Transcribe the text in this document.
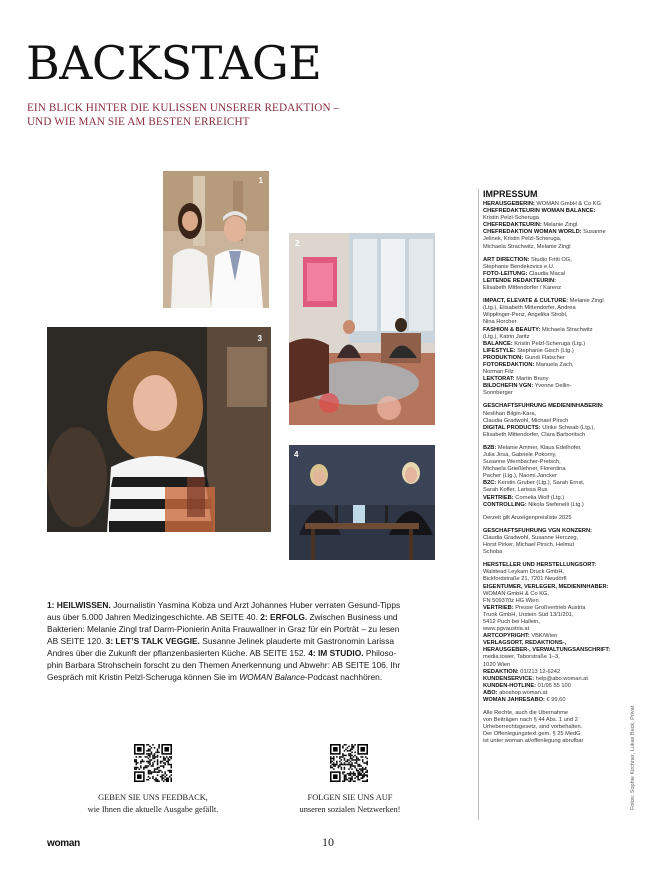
BACKSTAGE
EIN BLICK HINTER DIE KULISSEN UNSERER REDAKTION –
UND WIE MAN SIE AM BESTEN ERREICHT
1
2
3
4
1: HEILWISSEN. Journalistin Yasmina Kobza und Arzt Johannes Huber verraten Gesund-Tipps
aus über 5.000 Jahren Medizingeschichte. AB SEITE 40. 2: ERFOLG. Zwischen Business und
Bakterien: Melanie Zingl traf Darm-Pionierin Anita Frauwallner in Graz für ein Porträt – zu lesen
AB SEITE 120. 3: LET’S TALK VEGGIE. Susanne Jelinek plauderte mit Gastronomin Larissa
Andres über die Zukunft der pflanzenbasierten Küche. AB SEITE 152. 4: IM STUDIO. Philoso-
phin Barbara Strohschein forscht zu den Themen Anerkennung und Abwehr: AB SEITE 106. Ihr
Gespräch mit Kristin Pelzl-Scheruga können Sie im WOMAN Balance-Podcast nachhören.
GEBEN SIE UNS FEEDBACK,
wie Ihnen die aktuelle Ausgabe gefällt.
FOLGEN SIE UNS AUF
unseren sozialen Netzwerken!
IMPRESSUM
HERAUSGEBERIN: WOMAN GmbH & Co KG
CHEFREDAKTEURIN WOMAN BALANCE:
Kristin Pelzl-Scheruga
CHEFREDAKTEURIN: Melanie Zingl
CHEFREDAKTION WOMAN WORLD: Susanne
Jelinek, Kristin Pelzl-Scheruga,
Michaela Strachwitz, Melanie Zingl
ART DIRECTION: Studio Fritti OG,
Stephanie Bendekovics e.U.
FOTO-LEITUNG: Claudia Macal
LEITENDE REDAKTEURIN:
Elisabeth Mittendorfer / Karenz
IMPACT, ELEVATE & CULTURE: Melanie Zingl
(Ltg.), Elisabeth Mittendorfer, Andrea
Wipplinger-Penz, Angelika Strobl,
Nina Horcher
FASHION & BEAUTY: Michaela Strachwitz
(Ltg.), Katrin Jaritz
BALANCE: Kristin Pelzl-Scheruga (Ltg.)
LIFESTYLE: Stephanie Gisch (Ltg.)
PRODUKTION: Gundi Flatscher
FOTOREDAKTION: Manuela Zach,
Norman Filz
LEKTORAT: Martin Bruny
BILDCHEFIN VGN: Yvonne Dellin-
Sonnberger
GESCHÄFTSFÜHRUNG MEDIENINHABERIN:
Neslihan Bilgin-Kara,
Claudia Gradwohl, Michael Pirsch
DIGITAL PRODUCTS: Ulrike Schwab (Ltg.),
Elisabeth Mittendorfer, Clara Barboritsch
B2B: Melanie Ammer, Klaus Edelhofer,
Julia Jirsa, Gabriele Pokorny,
Susanne Wernbacher-Pretsch,
Michaela Grießlehner, Florentina
Pacher (Ltg.), Naomi Jancker
B2C: Kerstin Gruber (Ltg.), Sarah Ernst,
Sarah Kofler, Larissa Rus
VERTRIEB: Cornelia Wolf (Ltg.)
CONTROLLING: Nikola Stefenelli (Ltg.)
Derzeit gilt Anzeigenpreisliste 2025
GESCHÄFTSFÜHRUNG VGN KONZERN:
Claudia Gradwohl, Susanne Herczeg,
Horst Pirker, Michael Pirsch, Helmut
Schoba
HERSTELLER UND HERSTELLUNGSORT:
Walstead Leykam Druck GmbH,
Bickfordstraße 21, 7201 Neudörfl
EIGENTÜMER, VERLEGER, MEDIENINHABER:
WOMAN GmbH & Co KG,
FN 509370z HG Wien
VERTRIEB: Presse Großvertrieb Austria
Trunk GmbH, Urstein Süd 13/1/201,
5412 Puch bei Hallein,
www.pgvaustria.at
ARTCOPYRIGHT: VBK/Wien
VERLAGSORT, REDAKTIONS-,
HERAUSGEBER-, VERWALTUNGSANSCHRIFT:
media.tower, Taborstraße 1–3,
1020 Wien
REDAKTION: 01/213 12-6242
KUNDENSERVICE: help@abo.woman.at
KUNDEN-HOTLINE: 01/95 55 100
ABO: aboshop.woman.at
WOMAN JAHRESABO: € 99,60
Alle Rechte, auch die Übernahme
von Beiträgen nach § 44 Abs. 1 und 2
Urheberrechtsgesetz, sind vorbehalten.
Der Offenlegungstext gem. § 25 MedG
ist unter woman.at/offenlegung abrufbar	Fotos: Sophie Kirchner, Lukas Beck, Privat
woman	10
